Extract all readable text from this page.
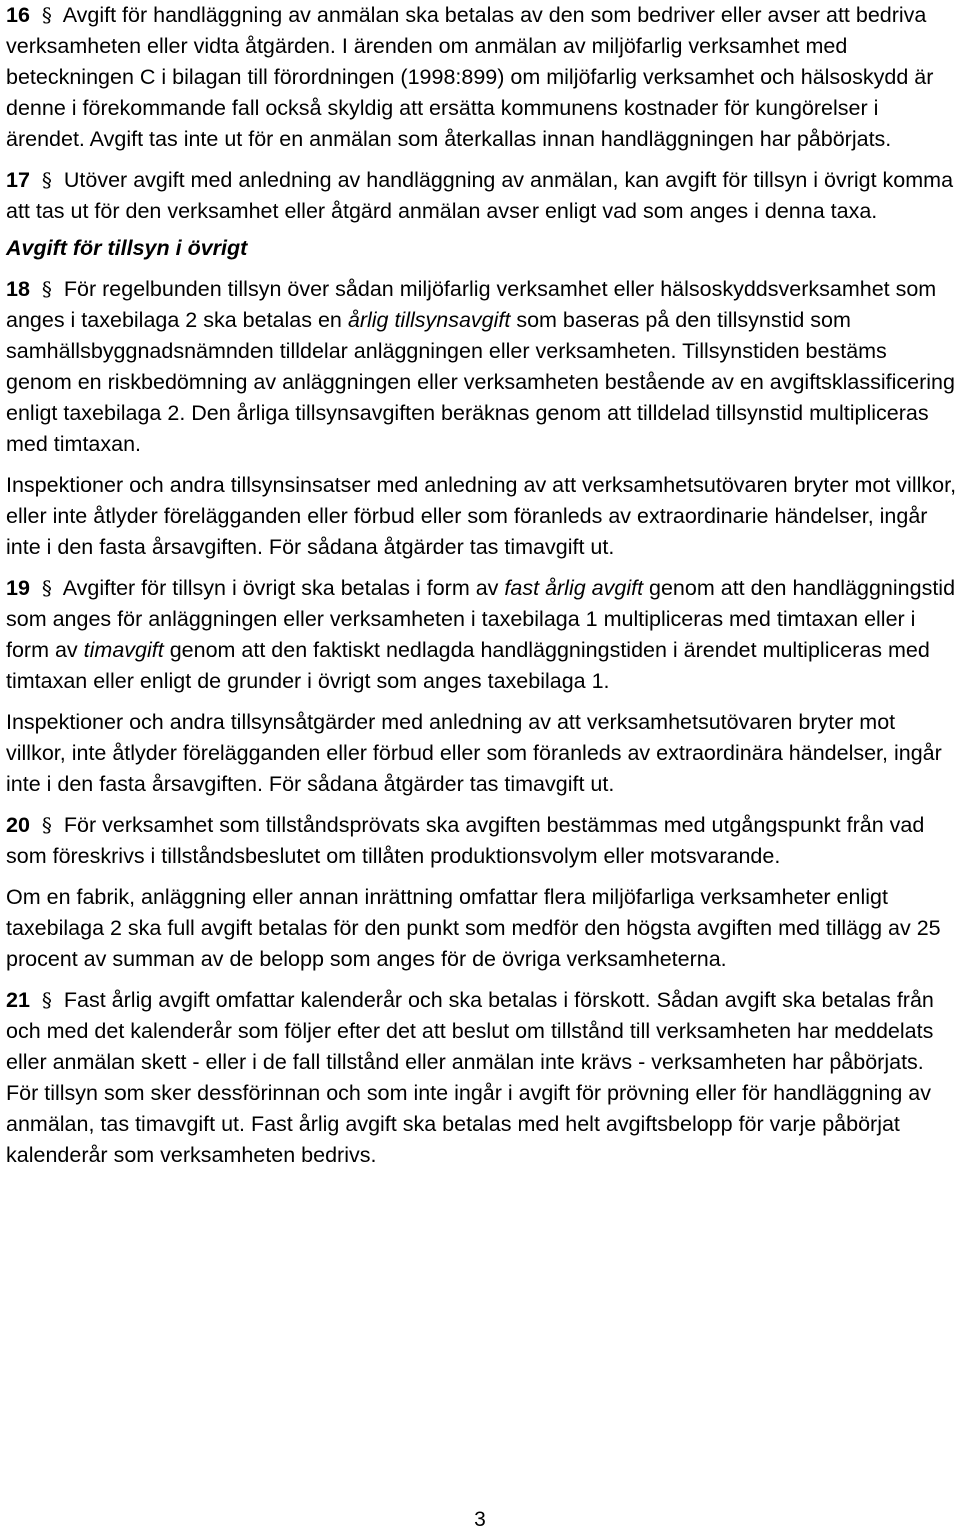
16 § Avgift för handläggning av anmälan ska betalas av den som bedriver eller avser att bedriva verksamheten eller vidta åtgärden. I ärenden om anmälan av miljöfarlig verksamhet med beteckningen C i bilagan till förordningen (1998:899) om miljöfarlig verksamhet och hälsoskydd är denne i förekommande fall också skyldig att ersätta kommunens kostnader för kungörelser i ärendet. Avgift tas inte ut för en anmälan som återkallas innan handläggningen har påbörjats.

17 § Utöver avgift med anledning av handläggning av anmälan, kan avgift för tillsyn i övrigt komma att tas ut för den verksamhet eller åtgärd anmälan avser enligt vad som anges i denna taxa.

Avgift för tillsyn i övrigt

18 § För regelbunden tillsyn över sådan miljöfarlig verksamhet eller hälsoskyddsverksamhet som anges i taxebilaga 2 ska betalas en årlig tillsynsavgift som baseras på den tillsynstid som samhällsbyggnadsnämnden tilldelar anläggningen eller verksamheten. Tillsynstiden bestäms genom en riskbedömning av anläggningen eller verksamheten bestående av en avgiftsklassificering enligt taxebilaga 2. Den årliga tillsynsavgiften beräknas genom att tilldelad tillsynstid multipliceras med timtaxan.

Inspektioner och andra tillsynsinsatser med anledning av att verksamhetsutövaren bryter mot villkor, eller inte åtlyder förelägganden eller förbud eller som föranleds av extraordinarie händelser, ingår inte i den fasta årsavgiften. För sådana åtgärder tas timavgift ut.

19 § Avgifter för tillsyn i övrigt ska betalas i form av fast årlig avgift genom att den handläggningstid som anges för anläggningen eller verksamheten i taxebilaga 1 multipliceras med timtaxan eller i form av timavgift genom att den faktiskt nedlagda handläggningstiden i ärendet multipliceras med timtaxan eller enligt de grunder i övrigt som anges taxebilaga 1.

Inspektioner och andra tillsynsåtgärder med anledning av att verksamhetsutövaren bryter mot villkor, inte åtlyder förelägganden eller förbud eller som föranleds av extraordinära händelser, ingår inte i den fasta årsavgiften. För sådana åtgärder tas timavgift ut.

20 § För verksamhet som tillståndsprövats ska avgiften bestämmas med utgångspunkt från vad som föreskrivs i tillståndsbeslutet om tillåten produktionsvolym eller motsvarande.

Om en fabrik, anläggning eller annan inrättning omfattar flera miljöfarliga verksamheter enligt taxebilaga 2 ska full avgift betalas för den punkt som medför den högsta avgiften med tillägg av 25 procent av summan av de belopp som anges för de övriga verksamheterna.

21 § Fast årlig avgift omfattar kalenderår och ska betalas i förskott. Sådan avgift ska betalas från och med det kalenderår som följer efter det att beslut om tillstånd till verksamheten har meddelats eller anmälan skett - eller i de fall tillstånd eller anmälan inte krävs - verksamheten har påbörjats. För tillsyn som sker dessförinnan och som inte ingår i avgift för prövning eller för handläggning av anmälan, tas timavgift ut. Fast årlig avgift ska betalas med helt avgiftsbelopp för varje påbörjat kalenderår som verksamheten bedrivs.

3
